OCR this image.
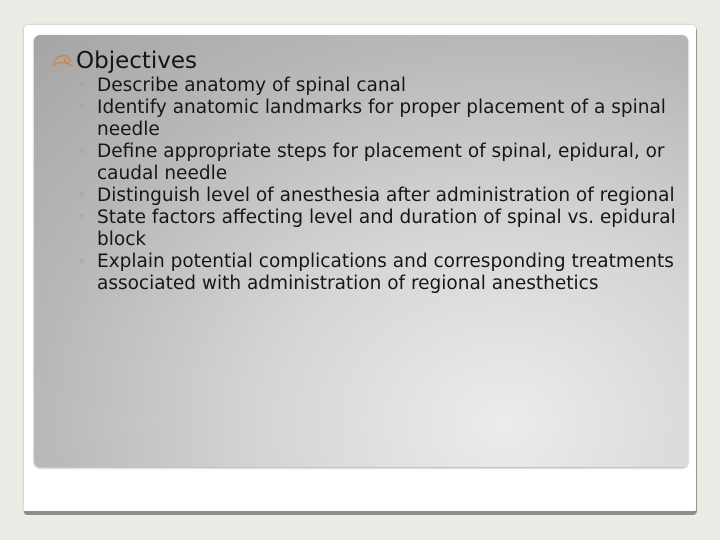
Objectives
◦ Describe anatomy of spinal canal
◦ Identify anatomic landmarks for proper placement of a spinal needle
◦ Define appropriate steps for placement of spinal, epidural, or caudal needle
◦ Distinguish level of anesthesia after administration of regional
◦ State factors affecting level and duration of spinal vs. epidural block
◦ Explain potential complications and corresponding treatments associated with administration of regional anesthetics
